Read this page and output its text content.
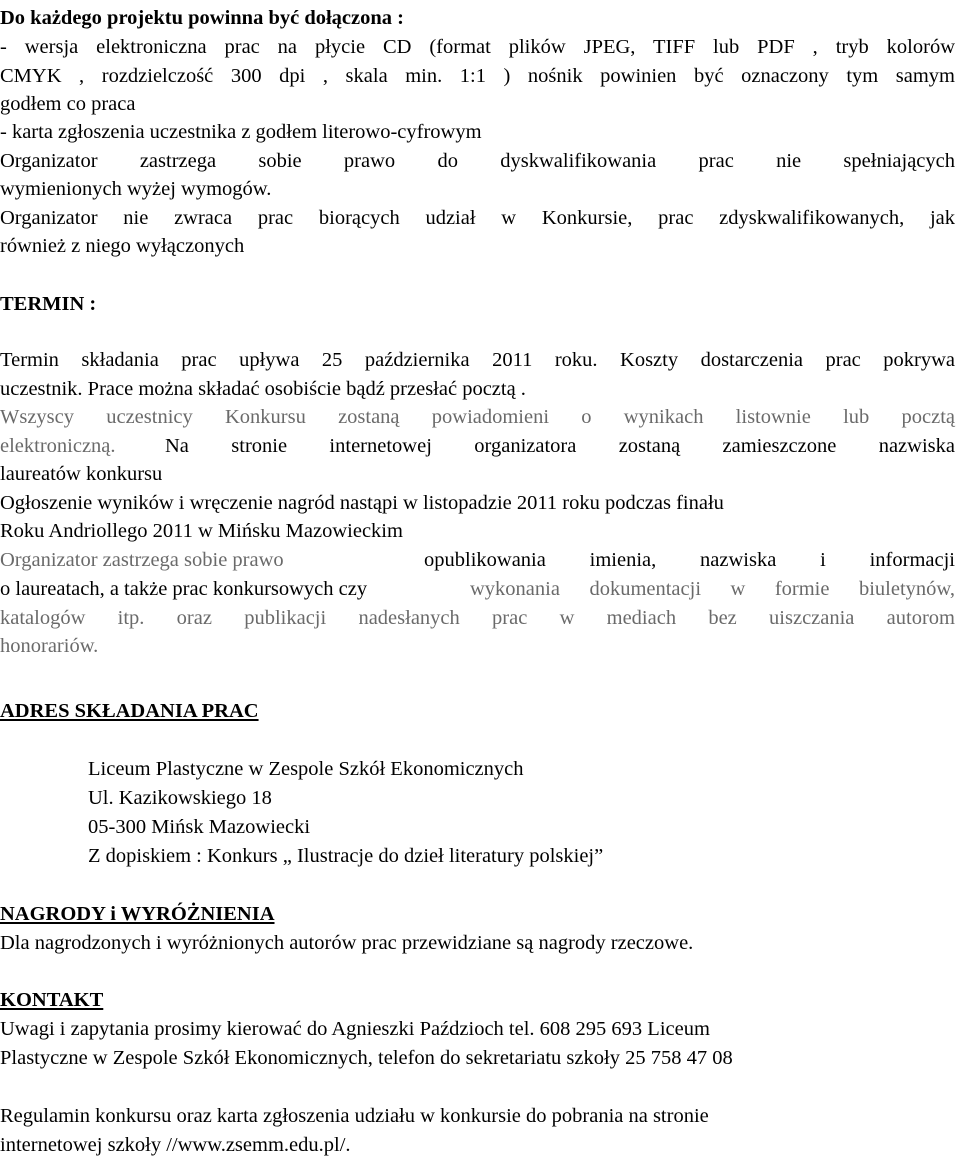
Do każdego projektu powinna być dołączona :
- wersja elektroniczna prac na płycie CD (format plików JPEG, TIFF lub PDF , tryb kolorów
CMYK , rozdzielczość 300 dpi , skala min. 1:1 ) nośnik powinien być oznaczony tym samym
godłem co praca
- karta zgłoszenia uczestnika z godłem literowo-cyfrowym
Organizator zastrzega sobie prawo do dyskwalifikowania prac nie spełniających
wymienionych wyżej wymogów.
Organizator nie zwraca prac biorących udział w Konkursie, prac zdyskwalifikowanych, jak
również z niego wyłączonych
TERMIN :
Termin składania prac upływa 25 października 2011 roku. Koszty dostarczenia prac pokrywa
uczestnik. Prace można składać osobiście bądź przesłać pocztą .
Wszyscy uczestnicy Konkursu zostaną powiadomieni o wynikach listownie lub pocztą
elektroniczną. Na stronie internetowej organizatora zostaną zamieszczone nazwiska
laureatów konkursu
Ogłoszenie wyników i wręczenie nagród nastąpi w listopadzie 2011 roku podczas finału
Roku Andriollego 2011 w Mińsku Mazowieckim
Organizator zastrzega sobie prawo	opublikowania imienia, nazwiska i informacji
o laureatach, a także prac konkursowych czy	wykonania dokumentacji w formie biuletynów,
katalogów itp. oraz publikacji nadesłanych prac w mediach bez uiszczania autorom
honorariów.
ADRES SKŁADANIA PRAC
Liceum Plastyczne w Zespole Szkół Ekonomicznych
Ul. Kazikowskiego 18
05-300 Mińsk Mazowiecki
Z dopiskiem : Konkurs „ Ilustracje do dzieł literatury polskiej”
NAGRODY i WYRÓŻNIENIA
Dla nagrodzonych i wyróżnionych autorów prac przewidziane są nagrody rzeczowe.
KONTAKT
Uwagi i zapytania prosimy kierować do Agnieszki Paździoch tel. 608 295 693 Liceum
Plastyczne w Zespole Szkół Ekonomicznych, telefon do sekretariatu szkoły 25 758 47 08
Regulamin konkursu oraz karta zgłoszenia udziału w konkursie do pobrania na stronie
internetowej szkoły //www.zsemm.edu.pl/.
